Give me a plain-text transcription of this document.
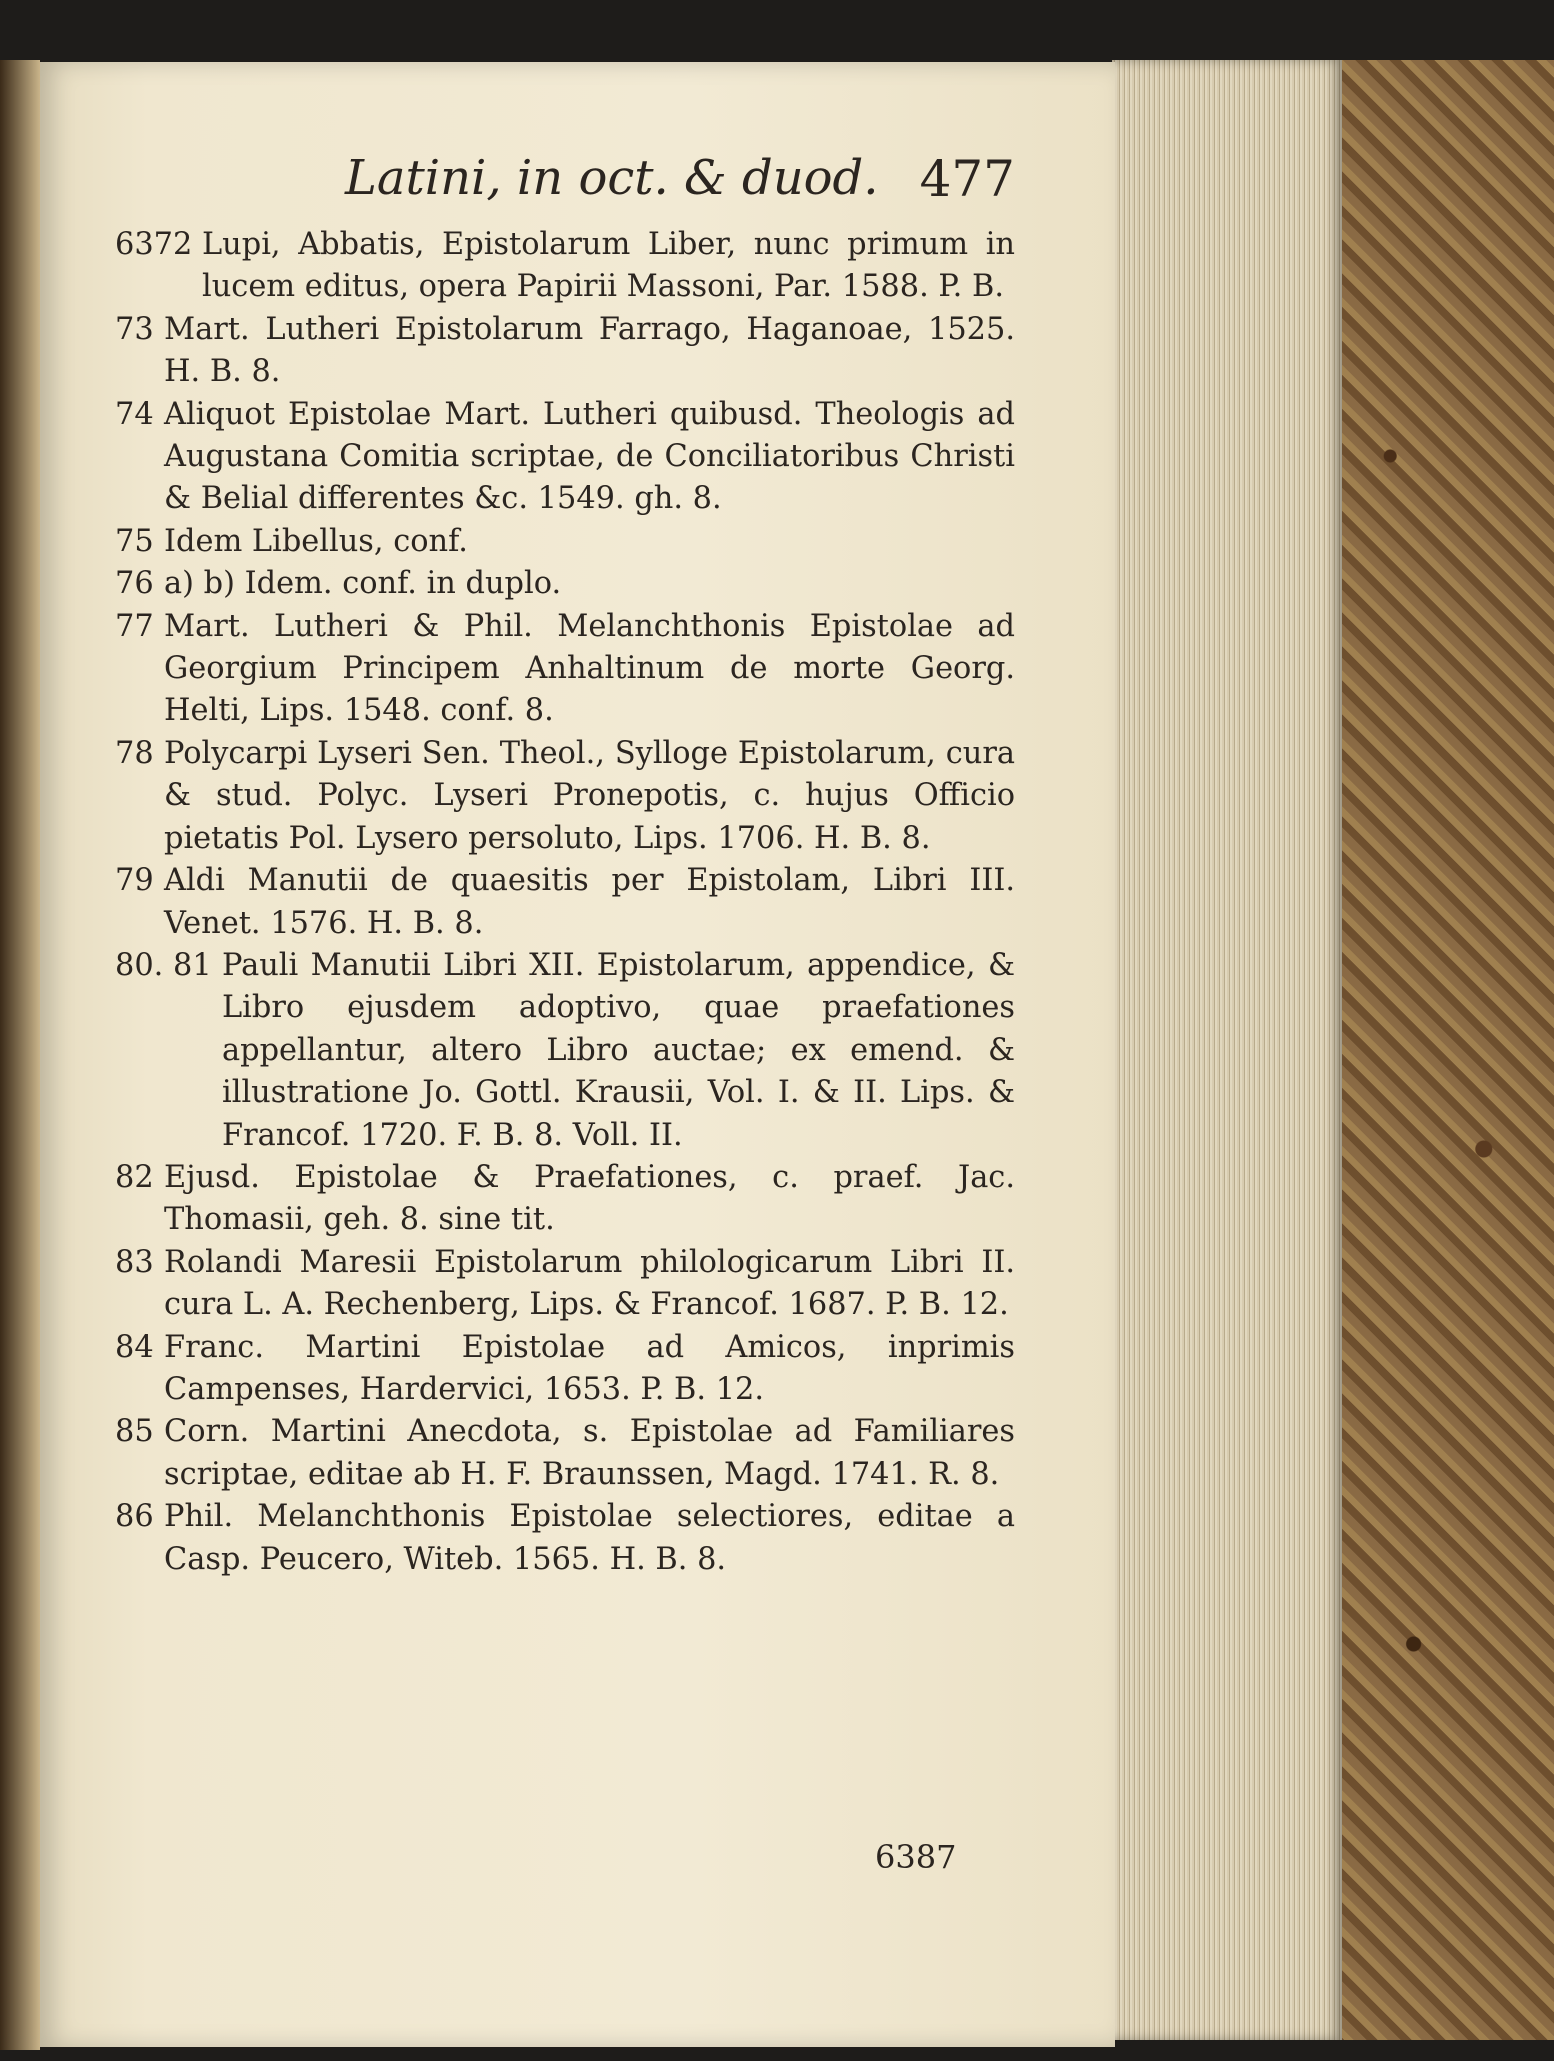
Latini, in oct. & duod. 477
6372 Lupi, Abbatis, Epistolarum Liber, nunc primum in lucem editus, opera Papirii Massoni, Par. 1588. P. B.
73 Mart. Lutheri Epistolarum Farrago, Haganoae, 1525. H. B. 8.
74 Aliquot Epistolae Mart. Lutheri quibusd. Theologis ad Augustana Comitia scriptae, de Conciliatoribus Christi & Belial differentes &c. 1549. gh. 8.
75 Idem Libellus, conf.
76 a) b) Idem. conf. in duplo.
77 Mart. Lutheri & Phil. Melanchthonis Epistolae ad Georgium Principem Anhaltinum de morte Georg. Helti, Lips. 1548. conf. 8.
78 Polycarpi Lyseri Sen. Theol., Sylloge Epistolarum, cura & stud. Polyc. Lyseri Pronepotis, c. hujus Officio pietatis Pol. Lysero persoluto, Lips. 1706. H. B. 8.
79 Aldi Manutii de quaesitis per Epistolam, Libri III. Venet. 1576. H. B. 8.
80. 81 Pauli Manutii Libri XII. Epistolarum, appendice, & Libro ejusdem adoptivo, quae praefationes appellantur, altero Libro auctae; ex emend. & illustratione Jo. Gottl. Krausii, Vol. I. & II. Lips. & Francof. 1720. F. B. 8. Voll. II.
82 Ejusd. Epistolae & Praefationes, c. praef. Jac. Thomasii, geh. 8. sine tit.
83 Rolandi Maresii Epistolarum philologicarum Libri II. cura L. A. Rechenberg, Lips. & Francof. 1687. P. B. 12.
84 Franc. Martini Epistolae ad Amicos, inprimis Campenses, Hardervici, 1653. P. B. 12.
85 Corn. Martini Anecdota, s. Epistolae ad Familiares scriptae, editae ab H. F. Braunssen, Magd. 1741. R. 8.
86 Phil. Melanchthonis Epistolae selectiores, editae a Casp. Peucero, Witeb. 1565. H. B. 8.
6387
